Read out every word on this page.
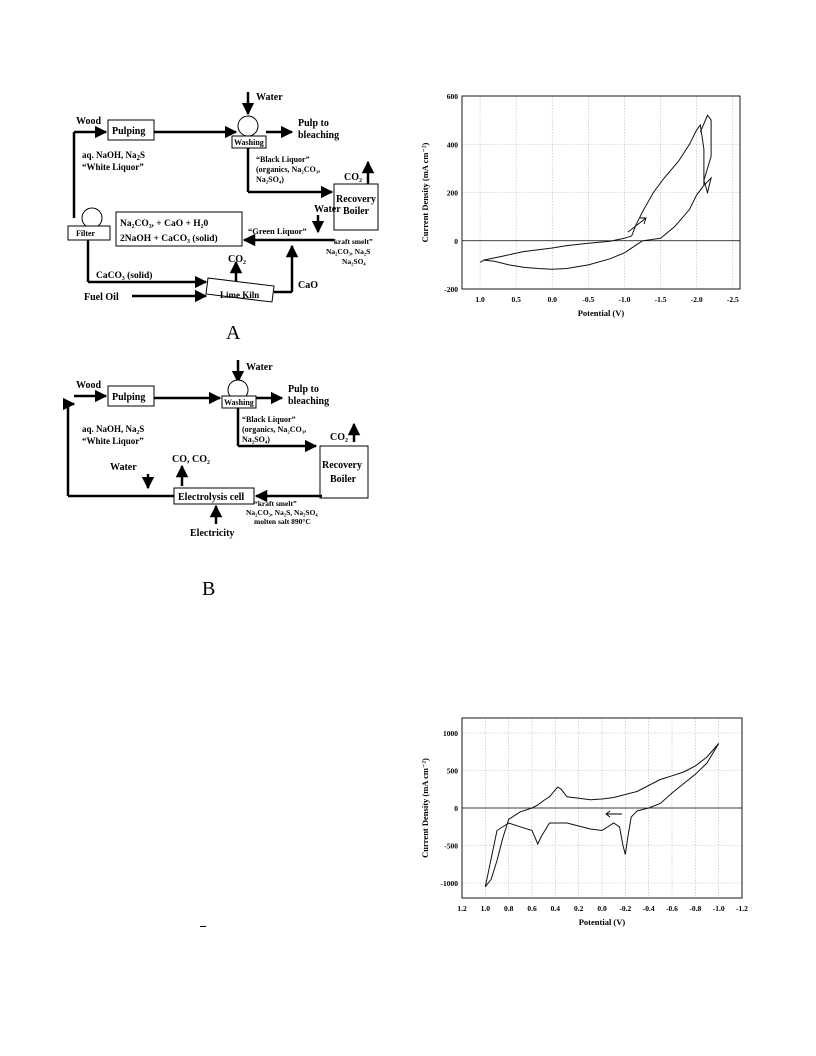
Water
Wood
Pulping
Washing
Pulp to
bleaching
aq. NaOH, $Na_2S$
“White Liquor”
“Black Liquor”
(organics, Na₂CO₃,
Na₂SO₄)	CO₂
Recovery
Boiler
Water
Filter
Na₂CO₃, + CaO + H₂0
2NaOH + CaCO₃ (solid)
“Green Liquor”
“kraft smelt”
Na₂CO₃, Na₂S
Na₂SO₄
CaCO₃ (solid)
CO₂
Fuel Oil	Lime Kiln
CaO
A
Water
Wood
Pulping	Washing
Pulp to
bleaching
aq. NaOH, Na₂S
“White Liquor”
“Black Liquor”
(organics, Na₂CO₃,
Na₂SO₄)	CO₂
Recovery
Boiler
Water
CO, CO₂
Electrolysis cell
“kraft smelt”
Na₂CO₃, Na₂S, Na₂SO₄
molten salt 890°C
Electricity
B
1.0	0.5	0.0	-0.5	-1.0	-1.5	-2.0	-2.5
-200
0
200
400
600
Potential (V)
Current Density (mA cm⁻²)
1.2 1.0 0.8 0.6 0.4 0.2 0.0 -0.2 -0.4 -0.6 -0.8 -1.0 -1.2
-1000
-500
0
500
1000
Potential (V)
Current Density (mA cm⁻²)
